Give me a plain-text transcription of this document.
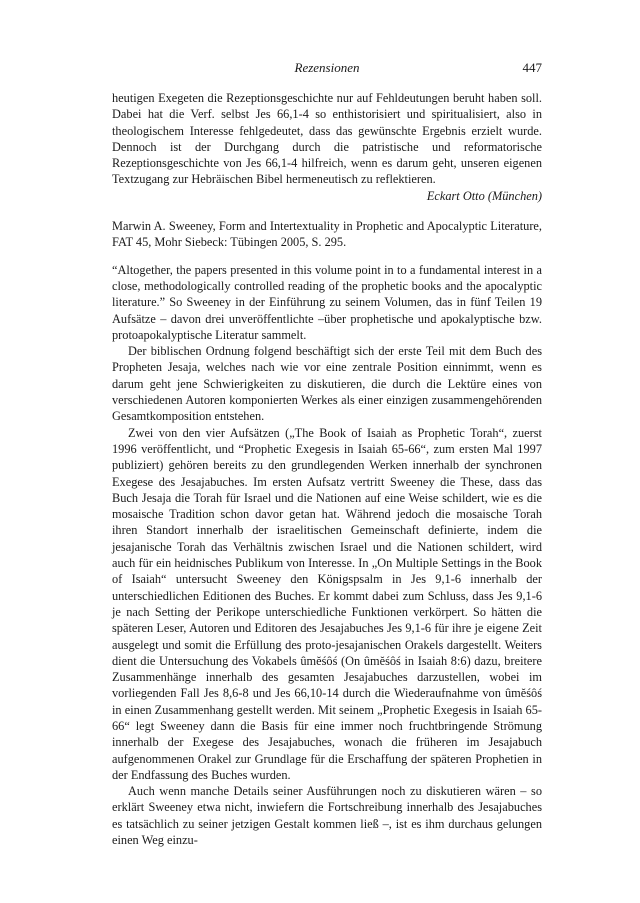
Rezensionen	447

heutigen Exegeten die Rezeptionsgeschichte nur auf Fehldeutungen beruht haben soll. Dabei hat die Verf. selbst Jes 66,1-4 so enthistorisiert und spiritualisiert, also in theologischem Interesse fehlgedeutet, dass das gewünschte Ergebnis erzielt wurde. Dennoch ist der Durchgang durch die patristische und reformatorische Rezeptionsgeschichte von Jes 66,1-4 hilfreich, wenn es darum geht, unseren eigenen Textzugang zur Hebräischen Bibel hermeneutisch zu reflektieren.

Eckart Otto (München)

Marwin A. Sweeney, Form and Intertextuality in Prophetic and Apocalyptic Literature, FAT 45, Mohr Siebeck: Tübingen 2005, S. 295.

“Altogether, the papers presented in this volume point in to a fundamental interest in a close, methodologically controlled reading of the prophetic books and the apocalyptic literature.” So Sweeney in der Einführung zu seinem Volumen, das in fünf Teilen 19 Aufsätze – davon drei unveröffentlichte –über prophetische und apokalyptische bzw. protoapokalyptische Literatur sammelt.

Der biblischen Ordnung folgend beschäftigt sich der erste Teil mit dem Buch des Propheten Jesaja, welches nach wie vor eine zentrale Position einnimmt, wenn es darum geht jene Schwierigkeiten zu diskutieren, die durch die Lektüre eines von verschiedenen Autoren komponierten Werkes als einer einzigen zusammengehörenden Gesamtkomposition entstehen.

Zwei von den vier Aufsätzen („The Book of Isaiah as Prophetic Torah“, zuerst 1996 veröffentlicht, und “Prophetic Exegesis in Isaiah 65-66“, zum ersten Mal 1997 publiziert) gehören bereits zu den grundlegenden Werken innerhalb der synchronen Exegese des Jesajabuches. Im ersten Aufsatz vertritt Sweeney die These, dass das Buch Jesaja die Torah für Israel und die Nationen auf eine Weise schildert, wie es die mosaische Tradition schon davor getan hat. Während jedoch die mosaische Torah ihren Standort innerhalb der israelitischen Gemeinschaft definierte, indem die jesajanische Torah das Verhältnis zwischen Israel und die Nationen schildert, wird auch für ein heidnisches Publikum von Interesse. In „On Multiple Settings in the Book of Isaiah“ untersucht Sweeney den Königspsalm in Jes 9,1-6 innerhalb der unterschiedlichen Editionen des Buches. Er kommt dabei zum Schluss, dass Jes 9,1-6 je nach Setting der Perikope unterschiedliche Funktionen verkörpert. So hätten die späteren Leser, Autoren und Editoren des Jesajabuches Jes 9,1-6 für ihre je eigene Zeit ausgelegt und somit die Erfüllung des proto-jesajanischen Orakels dargestellt. Weiters dient die Untersuchung des Vokabels ûmĕśôś (On ûmĕśôś in Isaiah 8:6) dazu, breitere Zusammenhänge innerhalb des gesamten Jesajabuches darzustellen, wobei im vorliegenden Fall Jes 8,6-8 und Jes 66,10-14 durch die Wiederaufnahme von ûmĕśôś in einen Zusammenhang gestellt werden. Mit seinem „Prophetic Exegesis in Isaiah 65-66“ legt Sweeney dann die Basis für eine immer noch fruchtbringende Strömung innerhalb der Exegese des Jesajabuches, wonach die früheren im Jesajabuch aufgenommenen Orakel zur Grundlage für die Erschaffung der späteren Prophetien in der Endfassung des Buches wurden.

Auch wenn manche Details seiner Ausführungen noch zu diskutieren wären – so erklärt Sweeney etwa nicht, inwiefern die Fortschreibung innerhalb des Jesajabuches es tatsächlich zu seiner jetzigen Gestalt kommen ließ –, ist es ihm durchaus gelungen einen Weg einzu-
